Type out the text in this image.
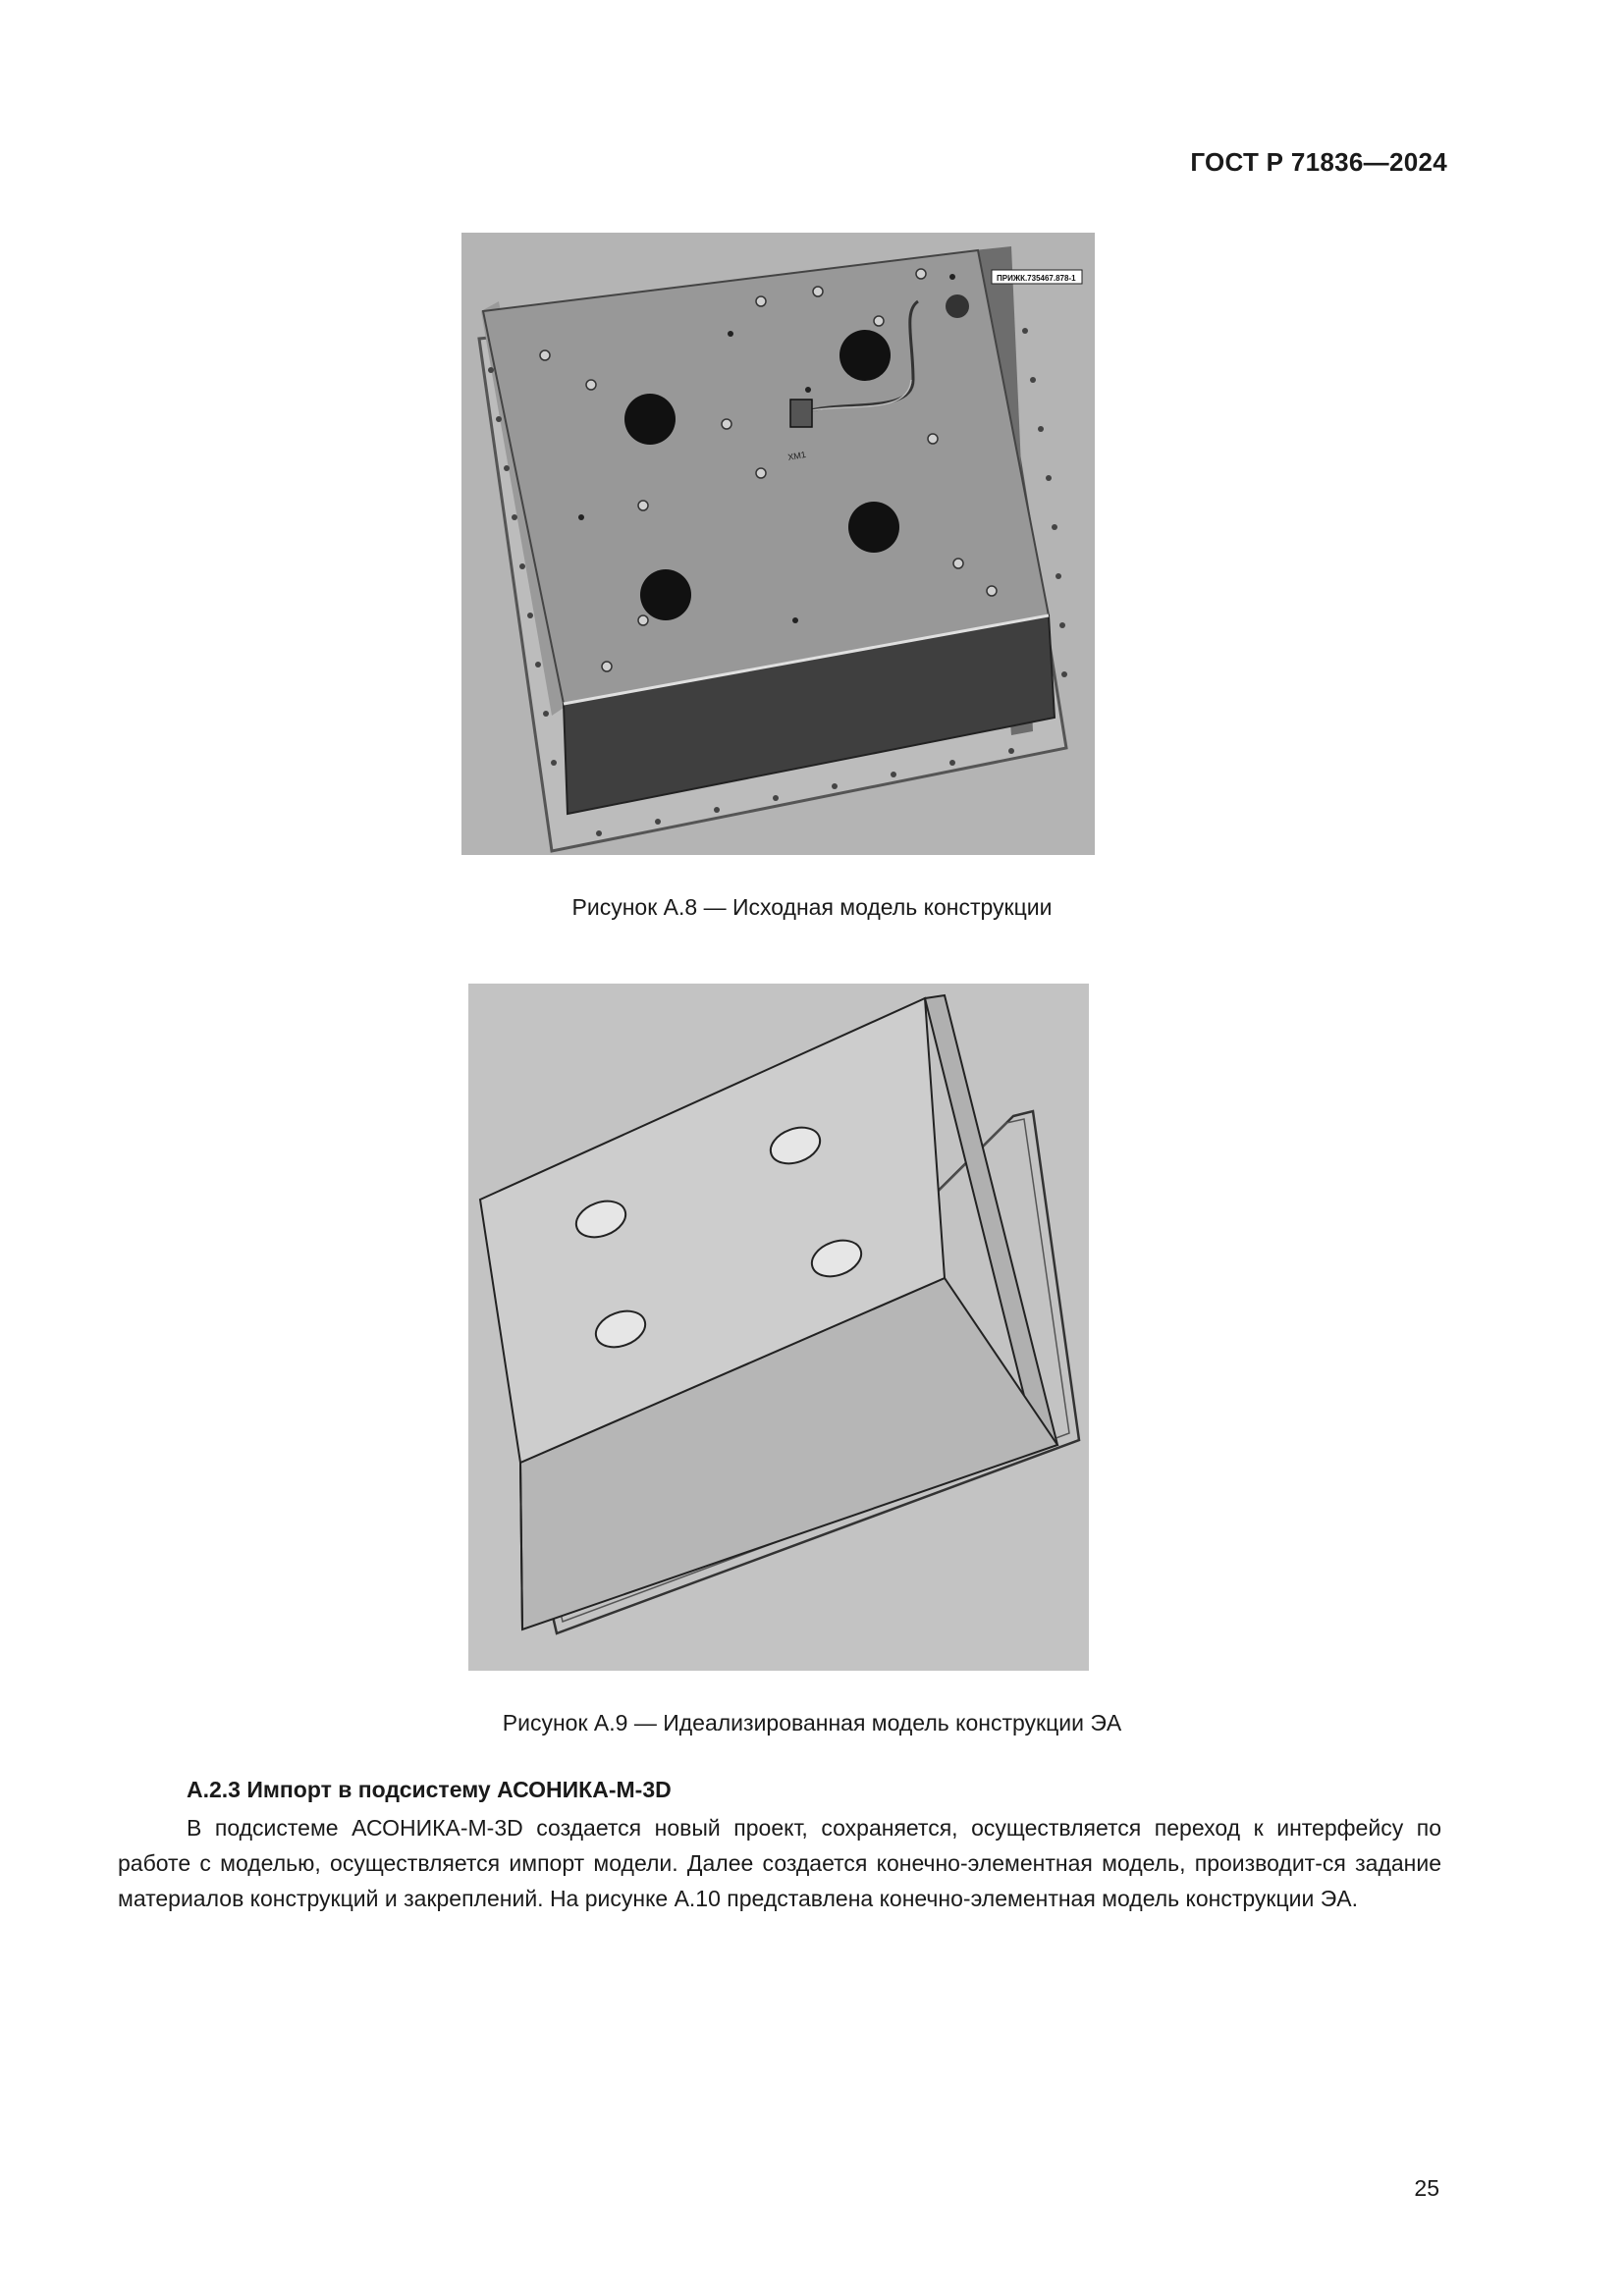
ГОСТ Р 71836—2024
ХМ1
ПРИЖК.735467.878-1
Рисунок А.8 — Исходная модель конструкции
Рисунок А.9 — Идеализированная модель конструкции ЭА
А.2.3 Импорт в подсистему АСОНИКА-М-3D

В подсистеме АСОНИКА-М-3D создается новый проект, сохраняется, осуществляется переход к интерфейсу по работе с моделью, осуществляется импорт модели. Далее создается конечно-элементная модель, производит-ся задание материалов конструкций и закреплений. На рисунке А.10 представлена конечно-элементная модель конструкции ЭА.

25
